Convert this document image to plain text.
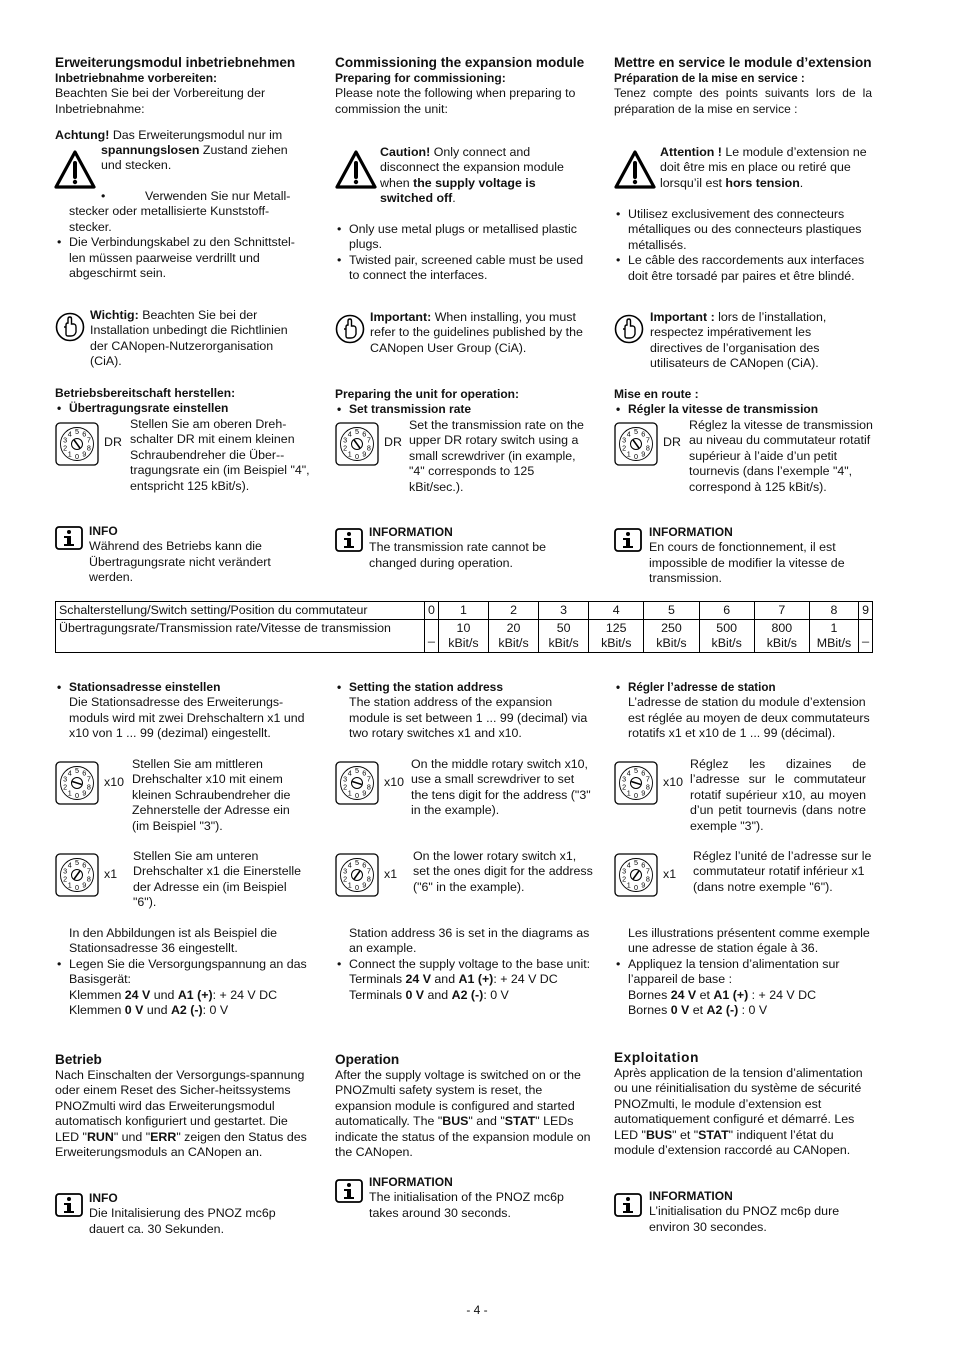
Erweiterungsmodul inbetriebnehmen
Inbetriebnahme vorbereiten:

Beachten Sie bei der Vorbereitung der Inbetriebnahme:

Achtung! Das Erweiterungsmodul nur im

spannungslosen Zustand ziehen und stecken.

•	Verwenden Sie nur Metall-stecker oder metallisierte Kunststoff-stecker.

• Die Verbindungskabel zu den Schnittstel-len müssen paarweise verdrillt und abgeschirmt sein.

Wichtig: Beachten Sie bei der Installation unbedingt die Richtlinien der CANopen-Nutzerorganisation (CiA).

Betriebsbereitschaft herstellen:
• Übertragungsrate einstellen
0
1
2
3
4 5 6
7
8
9
DR

Stellen Sie am oberen Dreh-schalter DR mit einem kleinen Schraubendreher die Über--tragungsrate ein (im Beispiel "4", entspricht 125 kBit/s).

INFO

Während des Betriebs kann die Übertragungsrate nicht verändert werden.

Commissioning the expansion module
Preparing for commissioning:

Please note the following when preparing to commission the unit:

Caution! Only connect and disconnect the expansion module when the supply voltage is switched off.

• Only use metal plugs or metallised plastic plugs.

• Twisted pair, screened cable must be used to connect the interfaces.

Important: When installing, you must refer to the guidelines published by the CANopen User Group (CiA).

Preparing the unit for operation:
• Set transmission rate
0
1
2
3
4 5 6
7
8
9
DR

Set the transmission rate on the upper DR rotary switch using a small screwdriver (in example, "4" corresponds to 125 kBit/sec.).

INFORMATION

The transmission rate cannot be changed during operation.

Mettre en service le module d’extension
Préparation de la mise en service :

Tenez compte des points suivants lors de la préparation de la mise en service :

Attention ! Le module d’extension ne doit être mis en place ou retiré que lorsqu’il est hors tension.

• Utilisez exclusivement des connecteurs métalliques ou des connecteurs plastiques métallisés.

• Le câble des raccordements aux interfaces doit être torsadé par paires et être blindé.

Important : lors de l’installation, respectez impérativement les directives de l’organisation des utilisateurs de CANopen (CiA).

Mise en route :
• Régler la vitesse de transmission
0
1
2
3
4 5 6
7
8
9
DR

Réglez la vitesse de transmission au niveau du commutateur rotatif supérieur à l’aide d’un petit tournevis (dans l’exemple "4", correspond à 125 kBit/s).

INFORMATION

En cours de fonctionnement, il est impossible de modifier la vitesse de transmission.

Schalterstellung/Switch setting/Position du commutateur	0	1	2	3	4	5	6	7	8	9
Übertragungsrate/Transmission rate/Vitesse de transmission	_	10 kBit/s	20 kBit/s	50 kBit/s	125 kBit/s	250 kBit/s	500 kBit/s	800 kBit/s	1 MBit/s	_
• Stationsadresse einstellen

Die Stationsadresse des Erweiterungs-moduls wird mit zwei Drehschaltern x1 und x10 von 1 ... 99 (dezimal) eingestellt.

0
1
2
3
4 5 6
7
8
9
x10

Stellen Sie am mittleren Drehschalter x10 mit einem kleinen Schraubendreher die Zehnerstelle der Adresse ein (im Beispiel "3").

0
1
2
3
4 5 6
7
8
9
x1

Stellen Sie am unteren Drehschalter x1 die Einerstelle der Adresse ein (im Beispiel "6").

In den Abbildungen ist als Beispiel die Stationsadresse 36 eingestellt.

• Legen Sie die Versorgungspannung an das Basisgerät:

Klemmen 24 V und A1 (+): + 24 V DC

Klemmen 0 V und A2 (-): 0 V

Betrieb

Nach Einschalten der Versorgungs-spannung oder einem Reset des Sicher-heitssystems PNOZmulti wird das Erweiterungsmodul automatisch konfiguriert und gestartet. Die LED "RUN" und "ERR" zeigen den Status des Erweiterungsmoduls an CANopen an.

INFO

Die Initalisierung des PNOZ mc6p dauert ca. 30 Sekunden.

• Setting the station address

The station address of the expansion module is set between 1 ... 99 (decimal) via two rotary switches x1 and x10.

0
1
2
3
4 5 6
7
8
9
x10

On the middle rotary switch x10, use a small screwdriver to set the tens digit for the address ("3" in the example).

0
1
2
3
4 5 6
7
8
9
x1

On the lower rotary switch x1, set the ones digit for the address ("6" in the example).

Station address 36 is set in the diagrams as an example.

• Connect the supply voltage to the base unit:

Terminals 24 V and A1 (+): + 24 V DC

Terminals 0 V and A2 (-): 0 V

Operation

After the supply voltage is switched on or the PNOZmulti safety system is reset, the expansion module is configured and started automatically. The "BUS" and "STAT" LEDs indicate the status of the expansion module on the CANopen.

INFORMATION

The initialisation of the PNOZ mc6p takes around 30 seconds.

• Régler l’adresse de station

L’adresse de station du module d’extension est réglée au moyen de deux commutateurs rotatifs x1 et x10 de 1 ... 99 (décimal).

0
1
2
3
4 5 6
7
8
9
x10

Réglez les dizaines de l’adresse sur le commutateur rotatif supérieur x10, au moyen d’un petit tournevis (dans notre exemple "3").

0
1
2
3
4 5 6
7
8
9
x1

Réglez l’unité de l’adresse sur le commutateur rotatif inférieur x1 (dans notre exemple "6").

Les illustrations présentent comme exemple une adresse de station égale à 36.

• Appliquez la tension d’alimentation sur l’appareil de base :

Bornes 24 V et A1 (+) : + 24 V DC

Bornes 0 V et A2 (-) : 0 V

Exploitation

Après application de la tension d’alimentation ou une réinitialisation du système de sécurité PNOZmulti, le module d’extension est automatiquement configuré et démarré. Les LED "BUS" et "STAT" indiquent l’état du module d’extension raccordé au CANopen.

INFORMATION

L’initialisation du PNOZ mc6p dure environ 30 secondes.

- 4 -
